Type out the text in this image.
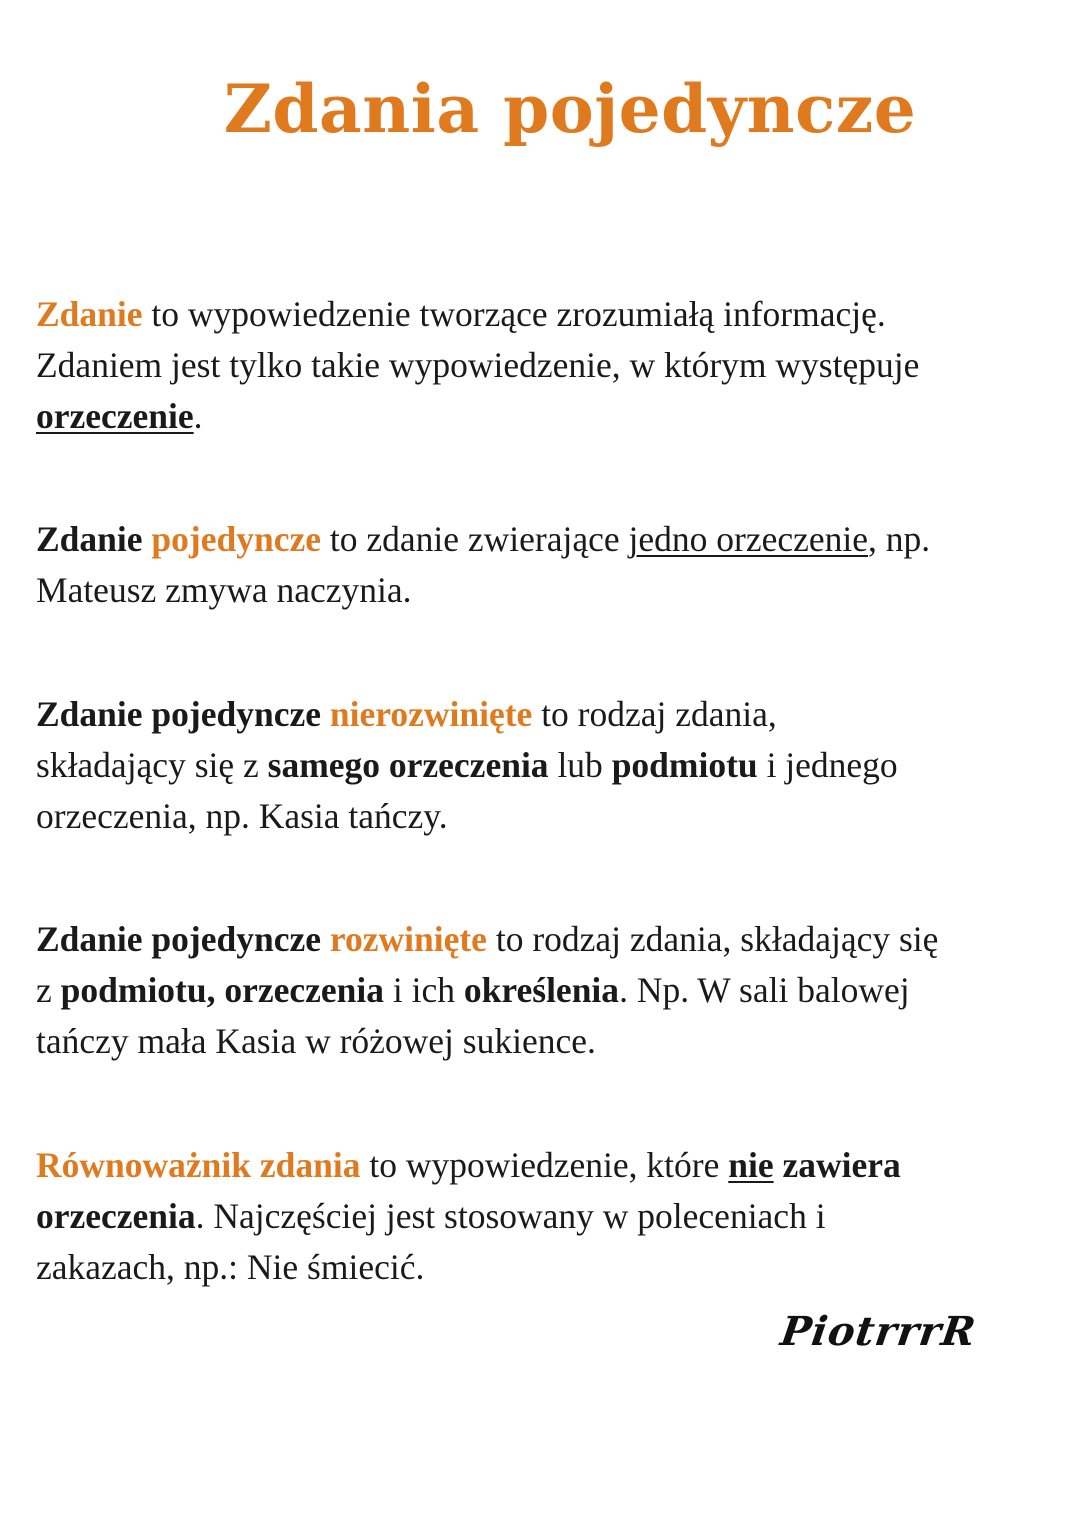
Zdania pojedyncze

Zdanie to wypowiedzenie tworzące zrozumiałą informację.
Zdaniem jest tylko takie wypowiedzenie, w którym występuje
orzeczenie.

Zdanie pojedyncze to zdanie zwierające jedno orzeczenie, np.
Mateusz zmywa naczynia.

Zdanie pojedyncze nierozwinięte to rodzaj zdania,
składający się z samego orzeczenia lub podmiotu i jednego
orzeczenia, np. Kasia tańczy.

Zdanie pojedyncze rozwinięte to rodzaj zdania, składający się
z podmiotu, orzeczenia i ich określenia. Np. W sali balowej
tańczy mała Kasia w różowej sukience.

Równoważnik zdania to wypowiedzenie, które nie zawiera
orzeczenia. Najczęściej jest stosowany w poleceniach i
zakazach, np.: Nie śmiecić.

PiotrrrR
